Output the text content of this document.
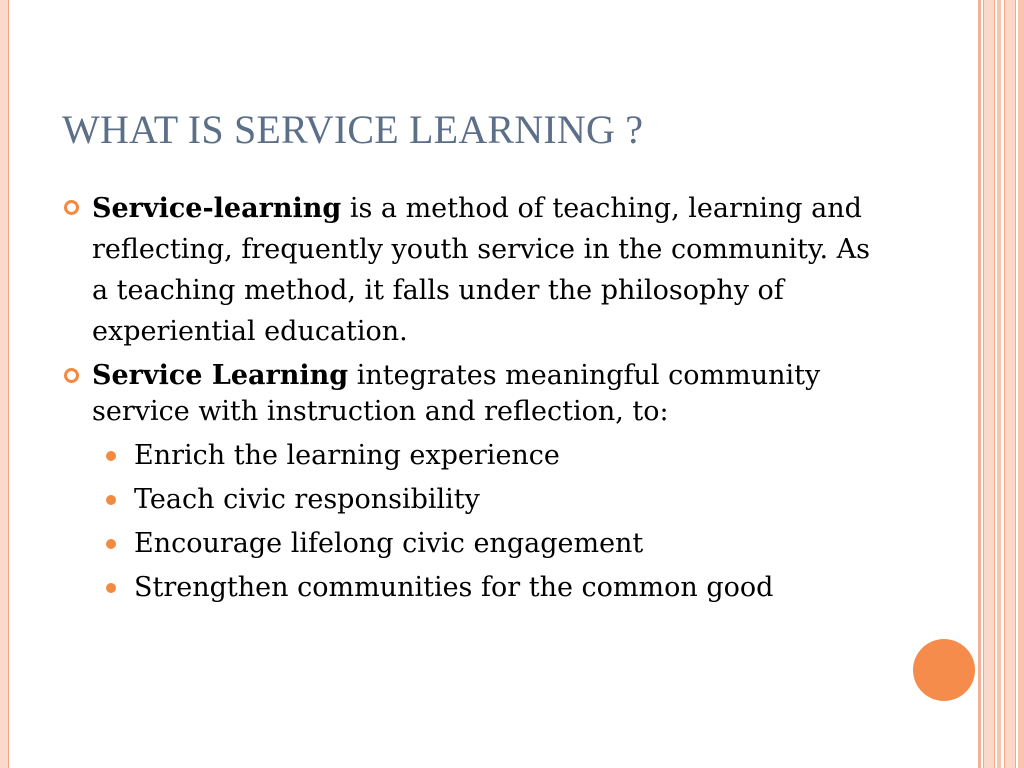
WHAT IS SERVICE LEARNING ?

Service-learning is a method of teaching, learning and reflecting, frequently youth service in the community. As a teaching method, it falls under the philosophy of experiential education.

Service Learning integrates meaningful community service with instruction and reflection, to:

Enrich the learning experience
Teach civic responsibility
Encourage lifelong civic engagement
Strengthen communities for the common good
